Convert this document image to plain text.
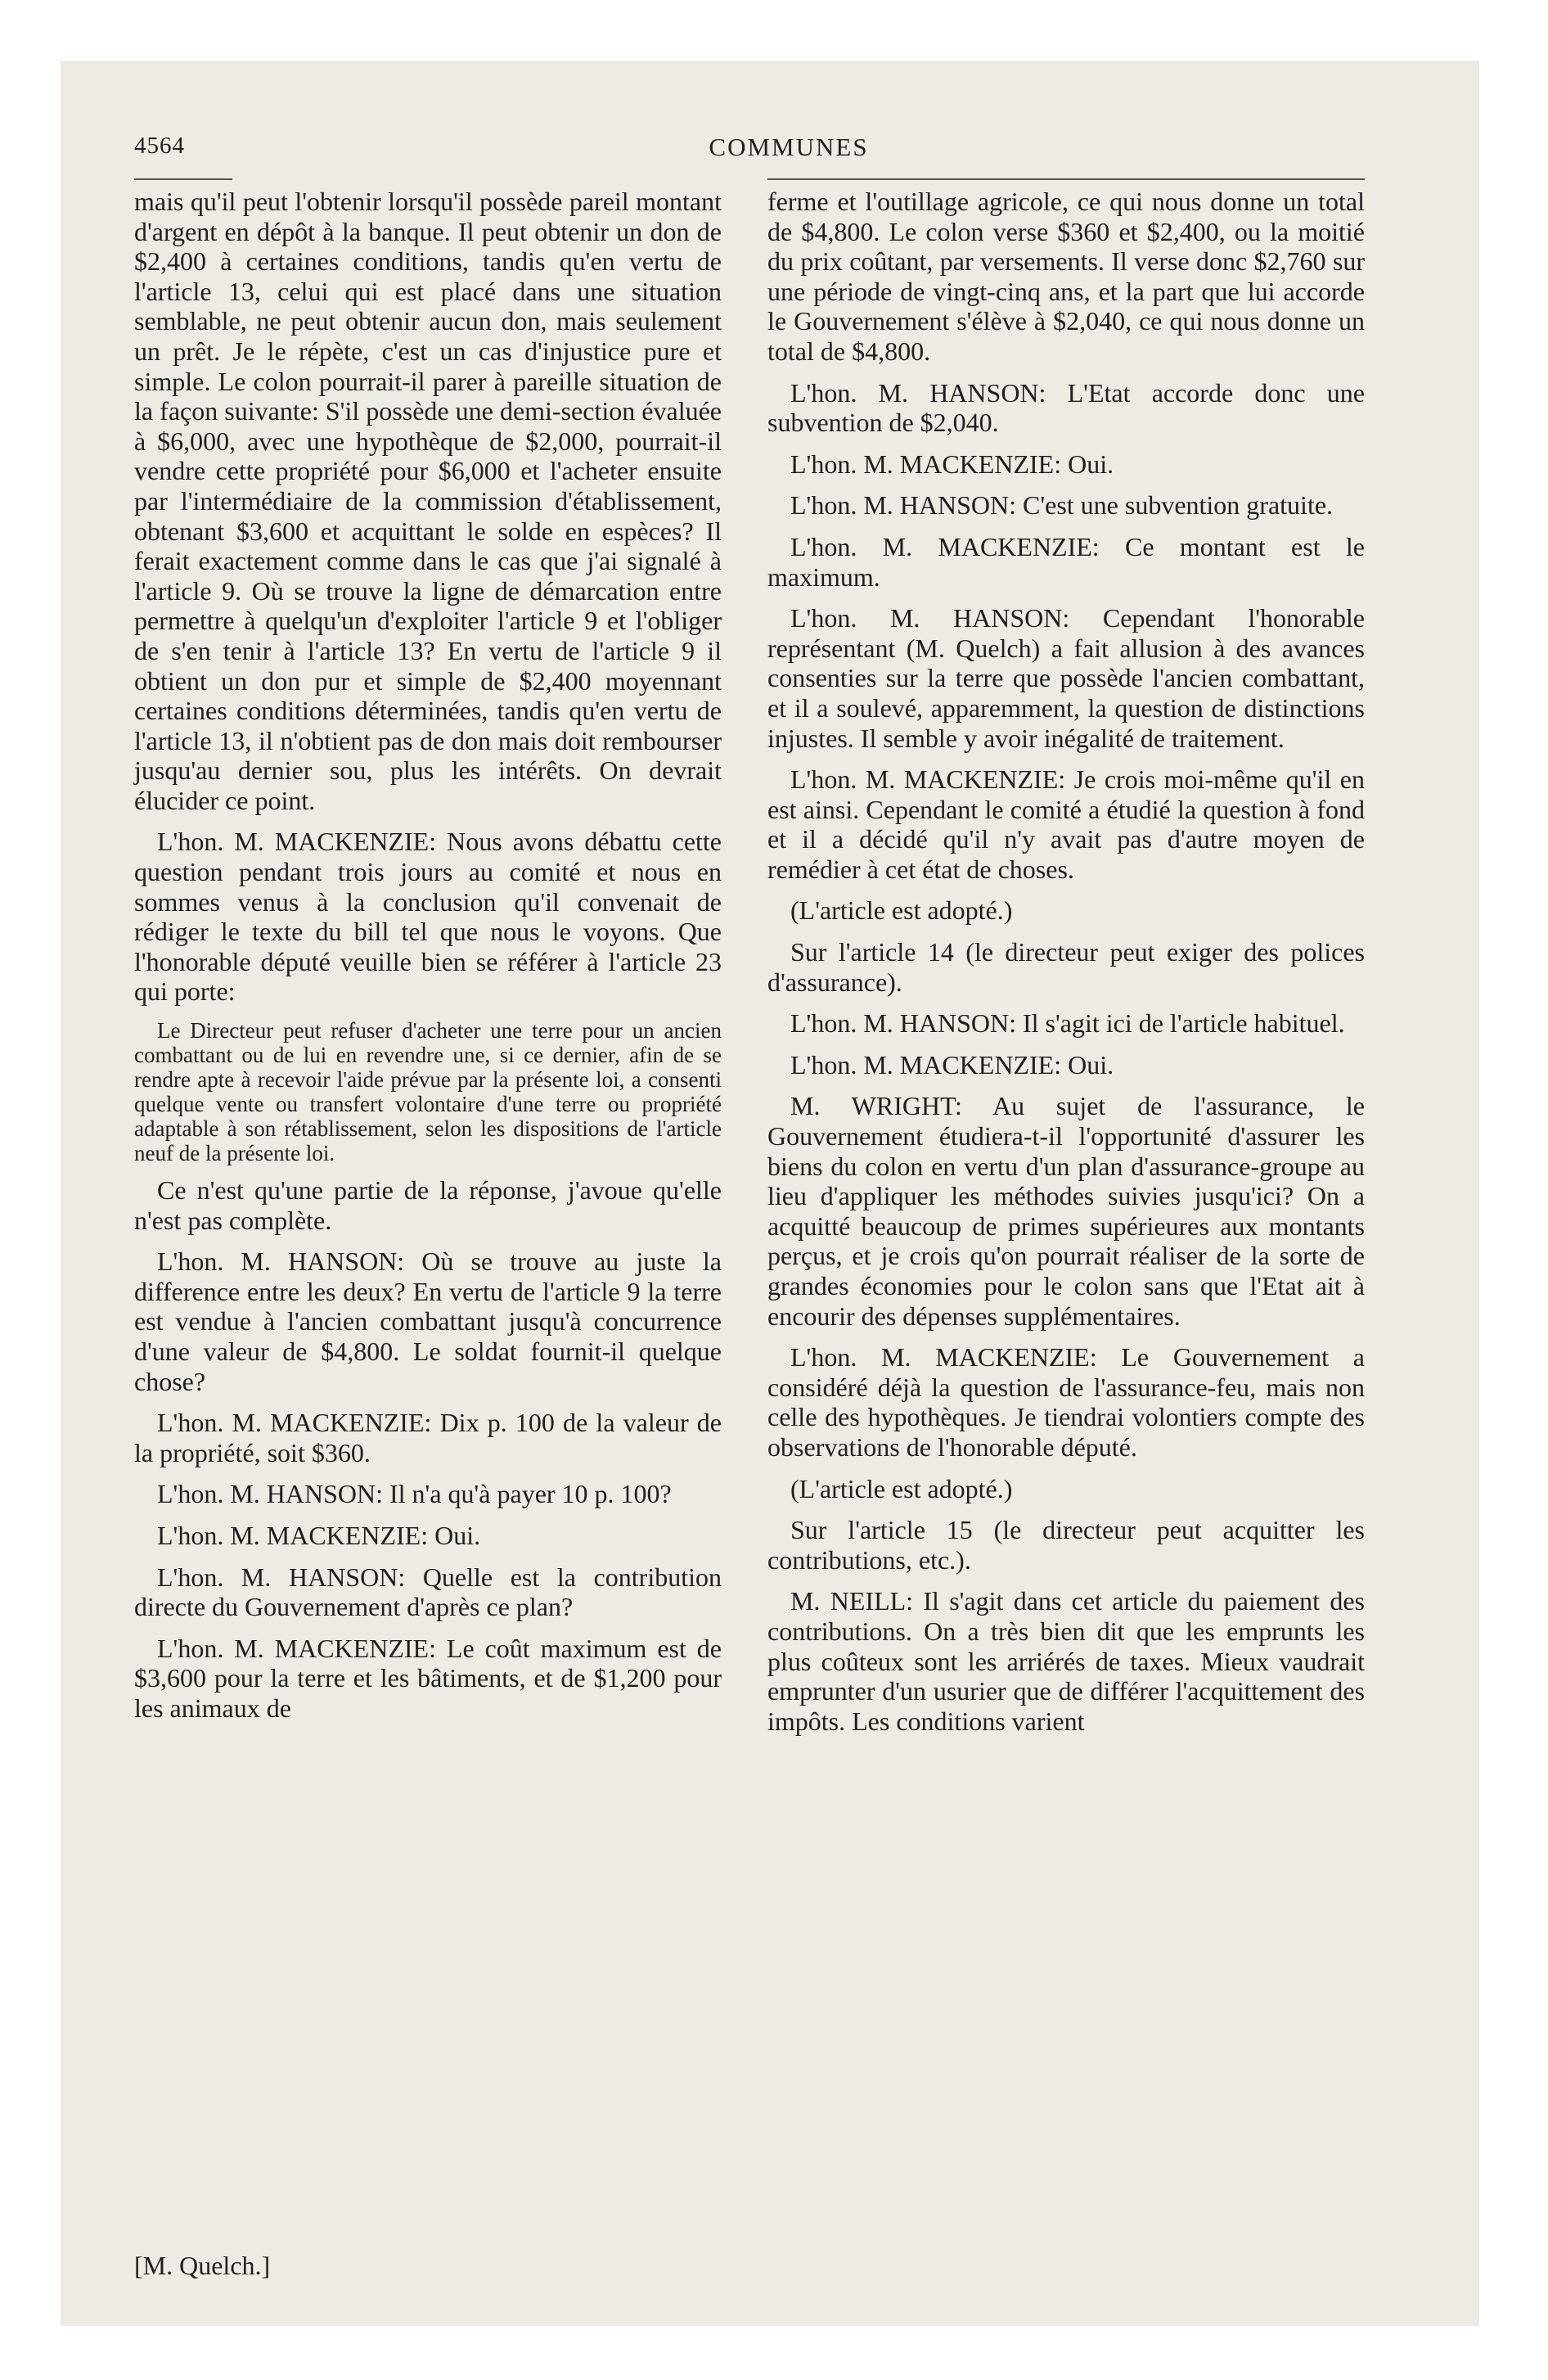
4564	COMMUNES

mais qu'il peut l'obtenir lorsqu'il possède pareil montant d'argent en dépôt à la banque. Il peut obtenir un don de $2,400 à certaines conditions, tandis qu'en vertu de l'article 13, celui qui est placé dans une situation semblable, ne peut obtenir aucun don, mais seulement un prêt. Je le répète, c'est un cas d'injustice pure et simple. Le colon pourrait-il parer à pareille situation de la façon suivante: S'il possède une demi-section évaluée à $6,000, avec une hypothèque de $2,000, pourrait-il vendre cette propriété pour $6,000 et l'acheter ensuite par l'intermédiaire de la commission d'établissement, obtenant $3,600 et acquittant le solde en espèces? Il ferait exactement comme dans le cas que j'ai signalé à l'article 9. Où se trouve la ligne de démarcation entre permettre à quelqu'un d'exploiter l'article 9 et l'obliger de s'en tenir à l'article 13? En vertu de l'article 9 il obtient un don pur et simple de $2,400 moyennant certaines conditions déterminées, tandis qu'en vertu de l'article 13, il n'obtient pas de don mais doit rembourser jusqu'au dernier sou, plus les intérêts. On devrait élucider ce point.

L'hon. M. MACKENZIE: Nous avons débattu cette question pendant trois jours au comité et nous en sommes venus à la conclusion qu'il convenait de rédiger le texte du bill tel que nous le voyons. Que l'honorable député veuille bien se référer à l'article 23 qui porte:

Le Directeur peut refuser d'acheter une terre pour un ancien combattant ou de lui en revendre une, si ce dernier, afin de se rendre apte à recevoir l'aide prévue par la présente loi, a consenti quelque vente ou transfert volontaire d'une terre ou propriété adaptable à son rétablissement, selon les dispositions de l'article neuf de la présente loi.

Ce n'est qu'une partie de la réponse, j'avoue qu'elle n'est pas complète.

L'hon. M. HANSON: Où se trouve au juste la difference entre les deux? En vertu de l'article 9 la terre est vendue à l'ancien combattant jusqu'à concurrence d'une valeur de $4,800. Le soldat fournit-il quelque chose?

L'hon. M. MACKENZIE: Dix p. 100 de la valeur de la propriété, soit $360.

L'hon. M. HANSON: Il n'a qu'à payer 10 p. 100?

L'hon. M. MACKENZIE: Oui.

L'hon. M. HANSON: Quelle est la contribution directe du Gouvernement d'après ce plan?

L'hon. M. MACKENZIE: Le coût maximum est de $3,600 pour la terre et les bâtiments, et de $1,200 pour les animaux de

ferme et l'outillage agricole, ce qui nous donne un total de $4,800. Le colon verse $360 et $2,400, ou la moitié du prix coûtant, par versements. Il verse donc $2,760 sur une période de vingt-cinq ans, et la part que lui accorde le Gouvernement s'élève à $2,040, ce qui nous donne un total de $4,800.

L'hon. M. HANSON: L'Etat accorde donc une subvention de $2,040.

L'hon. M. MACKENZIE: Oui.

L'hon. M. HANSON: C'est une subvention gratuite.

L'hon. M. MACKENZIE: Ce montant est le maximum.

L'hon. M. HANSON: Cependant l'honorable représentant (M. Quelch) a fait allusion à des avances consenties sur la terre que possède l'ancien combattant, et il a soulevé, apparemment, la question de distinctions injustes. Il semble y avoir inégalité de traitement.

L'hon. M. MACKENZIE: Je crois moi-même qu'il en est ainsi. Cependant le comité a étudié la question à fond et il a décidé qu'il n'y avait pas d'autre moyen de remédier à cet état de choses.

(L'article est adopté.)

Sur l'article 14 (le directeur peut exiger des polices d'assurance).

L'hon. M. HANSON: Il s'agit ici de l'article habituel.

L'hon. M. MACKENZIE: Oui.

M. WRIGHT: Au sujet de l'assurance, le Gouvernement étudiera-t-il l'opportunité d'assurer les biens du colon en vertu d'un plan d'assurance-groupe au lieu d'appliquer les méthodes suivies jusqu'ici? On a acquitté beaucoup de primes supérieures aux montants perçus, et je crois qu'on pourrait réaliser de la sorte de grandes économies pour le colon sans que l'Etat ait à encourir des dépenses supplémentaires.

L'hon. M. MACKENZIE: Le Gouvernement a considéré déjà la question de l'assurance-feu, mais non celle des hypothèques. Je tiendrai volontiers compte des observations de l'honorable député.

(L'article est adopté.)

Sur l'article 15 (le directeur peut acquitter les contributions, etc.).

M. NEILL: Il s'agit dans cet article du paiement des contributions. On a très bien dit que les emprunts les plus coûteux sont les arriérés de taxes. Mieux vaudrait emprunter d'un usurier que de différer l'acquittement des impôts. Les conditions varient

[M. Quelch.]
